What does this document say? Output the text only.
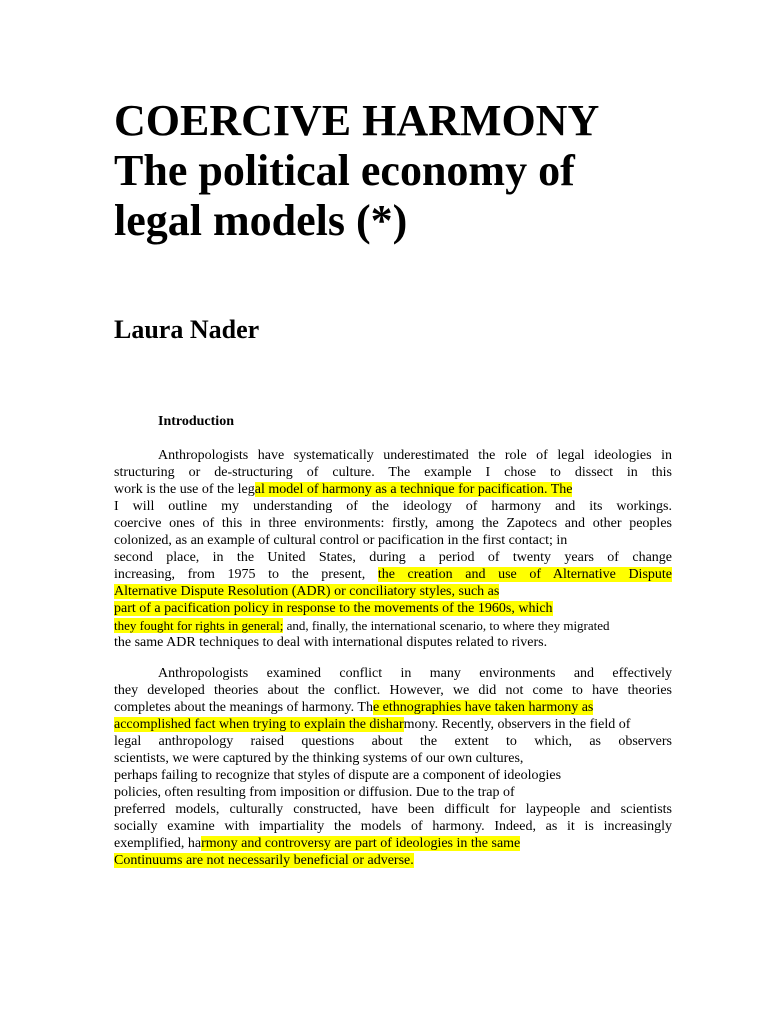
COERCIVE HARMONY
The political economy of
legal models (*)
Laura Nader
Introduction
Anthropologists have systematically underestimated the role of legal ideologies in
structuring or de-structuring of culture. The example I chose to dissect in this
work is the use of the legal model of harmony as a technique for pacification. The
I will outline my understanding of the ideology of harmony and its workings.
coercive ones of this in three environments: firstly, among the Zapotecs and other peoples
colonized, as an example of cultural control or pacification in the first contact; in
second place, in the United States, during a period of twenty years of change
increasing, from 1975 to the present, the creation and use of Alternative Dispute
Alternative Dispute Resolution (ADR) or conciliatory styles, such as
part of a pacification policy in response to the movements of the 1960s, which
they fought for rights in general; and, finally, the international scenario, to where they migrated
the same ADR techniques to deal with international disputes related to rivers.
Anthropologists examined conflict in many environments and effectively
they developed theories about the conflict. However, we did not come to have theories
completes about the meanings of harmony. The ethnographies have taken harmony as
accomplished fact when trying to explain the disharmony. Recently, observers in the field of
legal anthropology raised questions about the extent to which, as observers
scientists, we were captured by the thinking systems of our own cultures,
perhaps failing to recognize that styles of dispute are a component of ideologies
policies, often resulting from imposition or diffusion. Due to the trap of
preferred models, culturally constructed, have been difficult for laypeople and scientists
socially examine with impartiality the models of harmony. Indeed, as it is increasingly
exemplified, harmony and controversy are part of ideologies in the same
Continuums are not necessarily beneficial or adverse.
